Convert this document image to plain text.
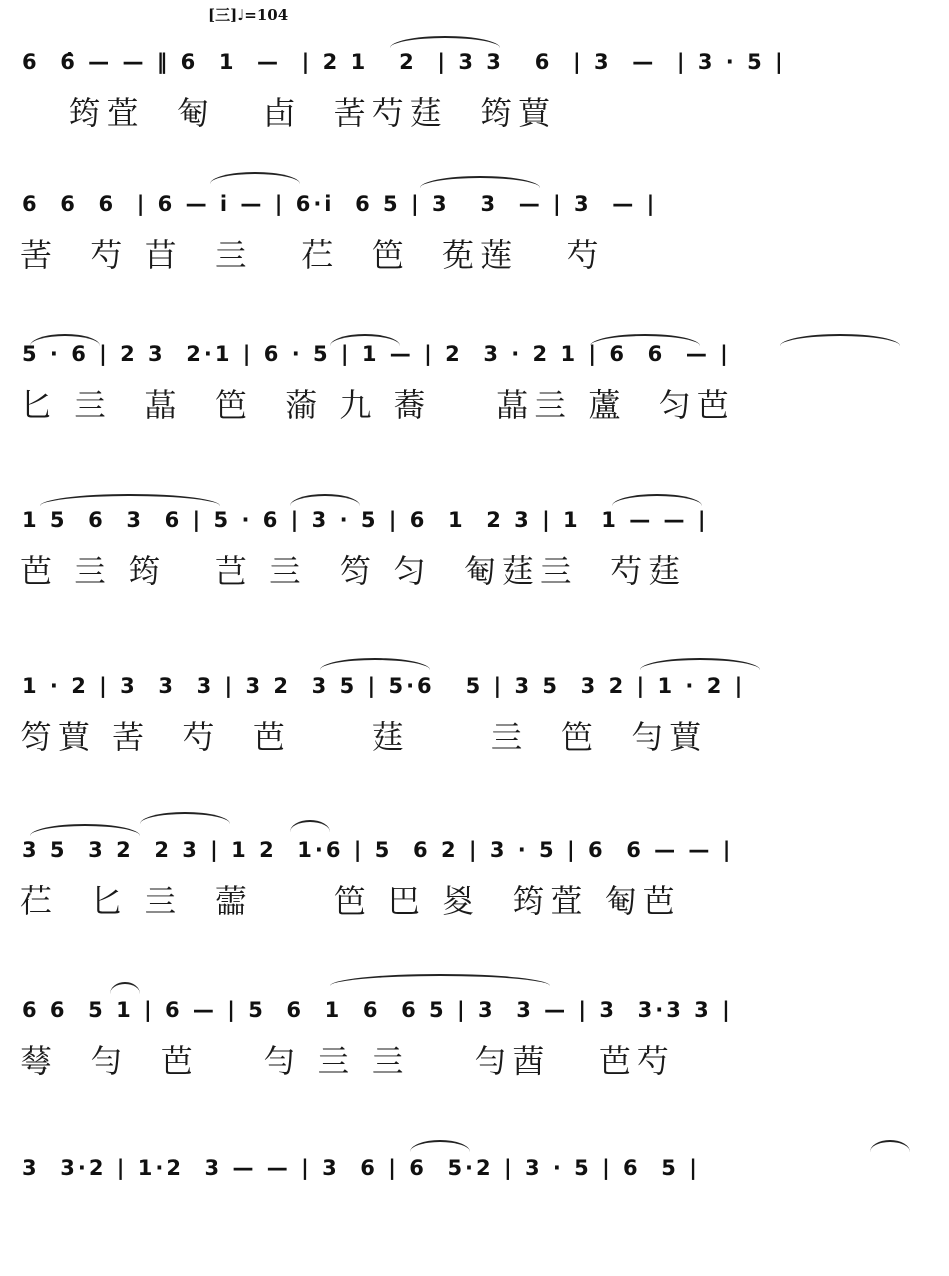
[三]♩=104
6  6̂ — — ‖ 6  1  —  | 2 1   2  | 3 3   6  | 3  —  | 3 · 5 |
筠萓  匎   卣  䒷芍莛  筠蕒
6  6  6  | 6 — i — | 6·i  6 5 | 3   3  — | 3  — |
䒷  芍 䒤  亖   芢  笆  莬莲   芍
5 · 6 | 2 3  2·1 | 6 · 5 | 1 — | 2  3 · 2 1 | 6  6  — |
匕 亖  蕌  笆  蕍 九 蕎    蕌亖 蘆  匀芭
1 5  6  3  6 | 5 · 6 | 3 · 5 | 6  1  2 3 | 1  1 — — |
芭 亖 筠   芑 亖  笉 匀  匎莛亖  芍莛
1 · 2 | 3  3  3 | 3 2  3 5 | 5·6   5 | 3 5  3 2 | 1 · 2 |
笉蕒 䒷  芍  芭     莛     亖  笆  勻蕒
3 5  3 2  2 3 | 1 2  1·6 | 5  6 2 | 3 · 5 | 6  6 — — |
芢  匕 亖  蘦     笆 巴 㚇  筠萓 匎芭
6 6  5 1 | 6 — | 5  6  1  6  6 5 | 3  3 — | 3  3·3 3 |
䔢  勻  芭    勻 亖 亖    勻莤   芭芍
3  3·2 | 1·2  3 — — | 3  6 | 6  5·2 | 3 · 5 | 6  5 |
